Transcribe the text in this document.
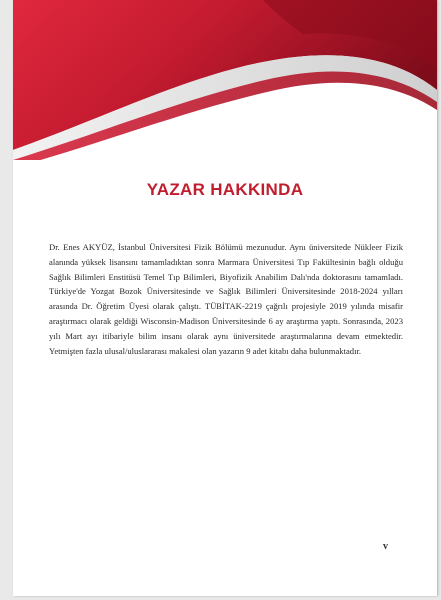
YAZAR HAKKINDA

Dr. Enes AKYÜZ, İstanbul Üniversitesi Fizik Bölümü mezunudur. Aynı üniversitede Nükleer Fizik alanında yüksek lisansını tamamladıktan sonra Marmara Üniversitesi Tıp Fakültesinin bağlı olduğu Sağlık Bilimleri Enstitüsü Temel Tıp Bilimleri, Biyofizik Anabilim Dalı'nda doktorasını tamamladı. Türkiye'de Yozgat Bozok Üniversitesinde ve Sağlık Bilimleri Üniversitesinde 2018-2024 yılları arasında Dr. Öğretim Üyesi olarak çalıştı. TÜBİTAK-2219 çağrılı projesiyle 2019 yılında misafir araştırmacı olarak geldiği Wisconsin-Madison Üniversitesinde 6 ay araştırma yaptı. Sonrasında, 2023 yılı Mart ayı itibariyle bilim insanı olarak aynı üniversitede araştırmalarına devam etmektedir. Yetmişten fazla ulusal/uluslararası makalesi olan yazarın 9 adet kitabı daha bulunmaktadır.

v
